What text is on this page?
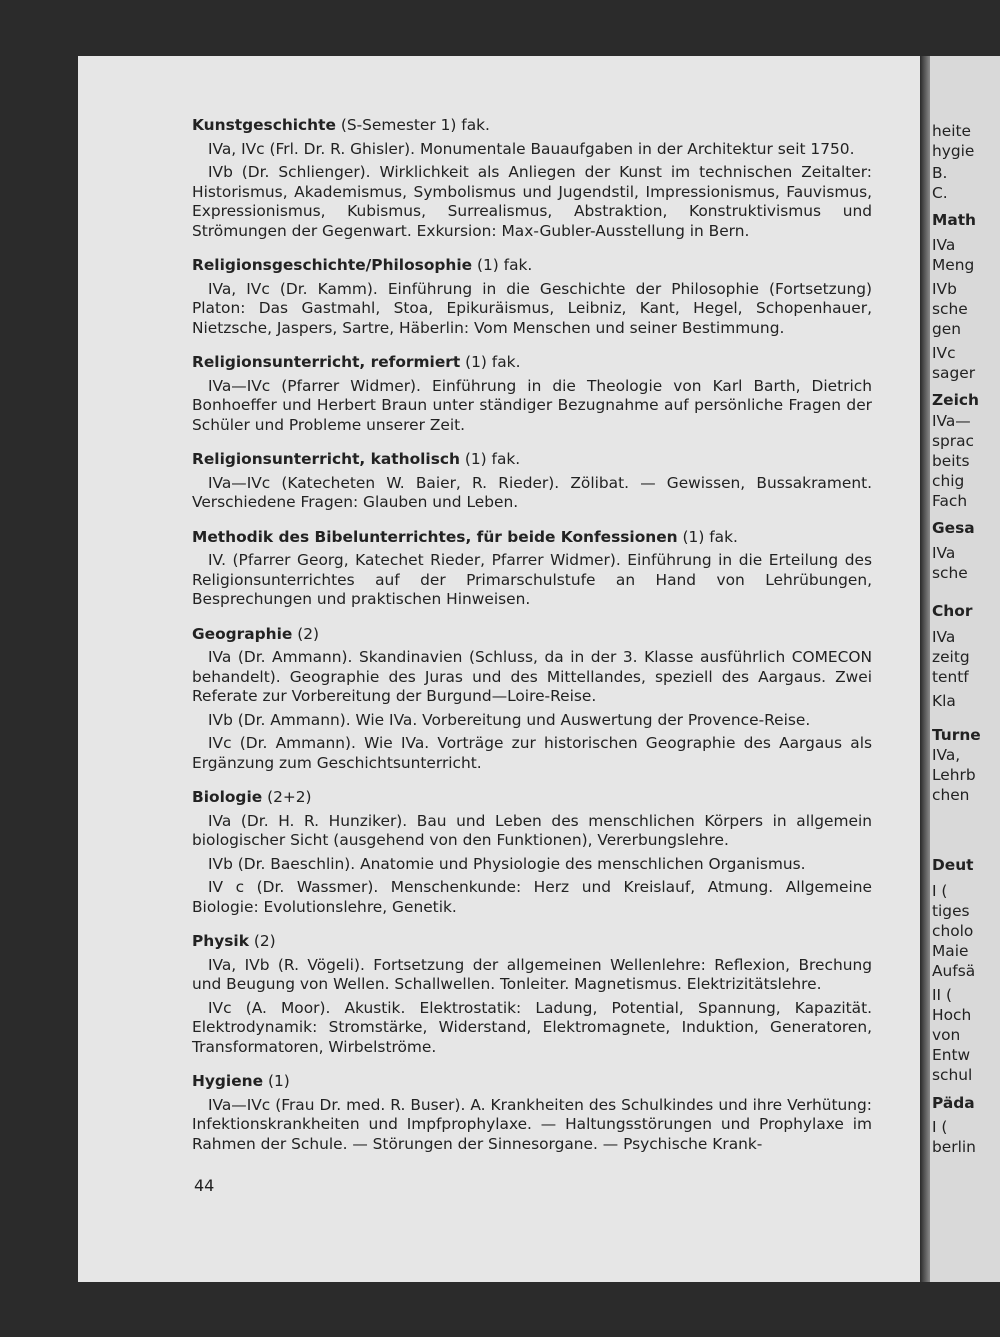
heite
hygie
B.
C.
Math
IVa
Meng
IVb
sche
gen
IVc
sager
Zeich
IVa—
sprac
beits
chig
Fach
Gesa
IVa
sche
Chor
IVa
zeitg
tentf
Kla
Turne
IVa,
Lehrb
chen
Deut
I (
tiges
cholo
Maie
Aufsä
II (
Hoch
von
Entw
schul
Päda
I (
berlin

Kunstgeschichte (S-Semester 1) fak.

IVa, IVc (Frl. Dr. R. Ghisler). Monumentale Bauaufgaben in der Architektur seit 1750.

IVb (Dr. Schlienger). Wirklichkeit als Anliegen der Kunst im technischen Zeitalter: Historismus, Akademismus, Symbolismus und Jugendstil, Impressionismus, Fauvismus, Expressionismus, Kubismus, Surrealismus, Abstraktion, Konstruktivismus und Strömungen der Gegenwart. Exkursion: Max-Gubler-Ausstellung in Bern.

Religionsgeschichte/Philosophie (1) fak.

IVa, IVc (Dr. Kamm). Einführung in die Geschichte der Philosophie (Fortsetzung) Platon: Das Gastmahl, Stoa, Epikuräismus, Leibniz, Kant, Hegel, Schopenhauer, Nietzsche, Jaspers, Sartre, Häberlin: Vom Menschen und seiner Bestimmung.

Religionsunterricht, reformiert (1) fak.

IVa—IVc (Pfarrer Widmer). Einführung in die Theologie von Karl Barth, Dietrich Bonhoeffer und Herbert Braun unter ständiger Bezugnahme auf persönliche Fragen der Schüler und Probleme unserer Zeit.

Religionsunterricht, katholisch (1) fak.

IVa—IVc (Katecheten W. Baier, R. Rieder). Zölibat. — Gewissen, Bussakrament. Verschiedene Fragen: Glauben und Leben.

Methodik des Bibelunterrichtes, für beide Konfessionen (1) fak.

IV. (Pfarrer Georg, Katechet Rieder, Pfarrer Widmer). Einführung in die Erteilung des Religionsunterrichtes auf der Primarschulstufe an Hand von Lehrübungen, Besprechungen und praktischen Hinweisen.

Geographie (2)

IVa (Dr. Ammann). Skandinavien (Schluss, da in der 3. Klasse ausführlich COMECON behandelt). Geographie des Juras und des Mittellandes, speziell des Aargaus. Zwei Referate zur Vorbereitung der Burgund—Loire-Reise.

IVb (Dr. Ammann). Wie IVa. Vorbereitung und Auswertung der Provence-Reise.

IVc (Dr. Ammann). Wie IVa. Vorträge zur historischen Geographie des Aargaus als Ergänzung zum Geschichtsunterricht.

Biologie (2+2)

IVa (Dr. H. R. Hunziker). Bau und Leben des menschlichen Körpers in allgemein biologischer Sicht (ausgehend von den Funktionen), Vererbungslehre.

IVb (Dr. Baeschlin). Anatomie und Physiologie des menschlichen Organismus.

IV c (Dr. Wassmer). Menschenkunde: Herz und Kreislauf, Atmung. Allgemeine Biologie: Evolutionslehre, Genetik.

Physik (2)

IVa, IVb (R. Vögeli). Fortsetzung der allgemeinen Wellenlehre: Reflexion, Brechung und Beugung von Wellen. Schallwellen. Tonleiter. Magnetismus. Elektrizitätslehre.

IVc (A. Moor). Akustik. Elektrostatik: Ladung, Potential, Spannung, Kapazität. Elektrodynamik: Stromstärke, Widerstand, Elektromagnete, Induktion, Generatoren, Transformatoren, Wirbelströme.

Hygiene (1)

IVa—IVc (Frau Dr. med. R. Buser). A. Krankheiten des Schulkindes und ihre Verhütung: Infektionskrankheiten und Impfprophylaxe. — Haltungsstörungen und Prophylaxe im Rahmen der Schule. — Störungen der Sinnesorgane. — Psychische Krank-

44
